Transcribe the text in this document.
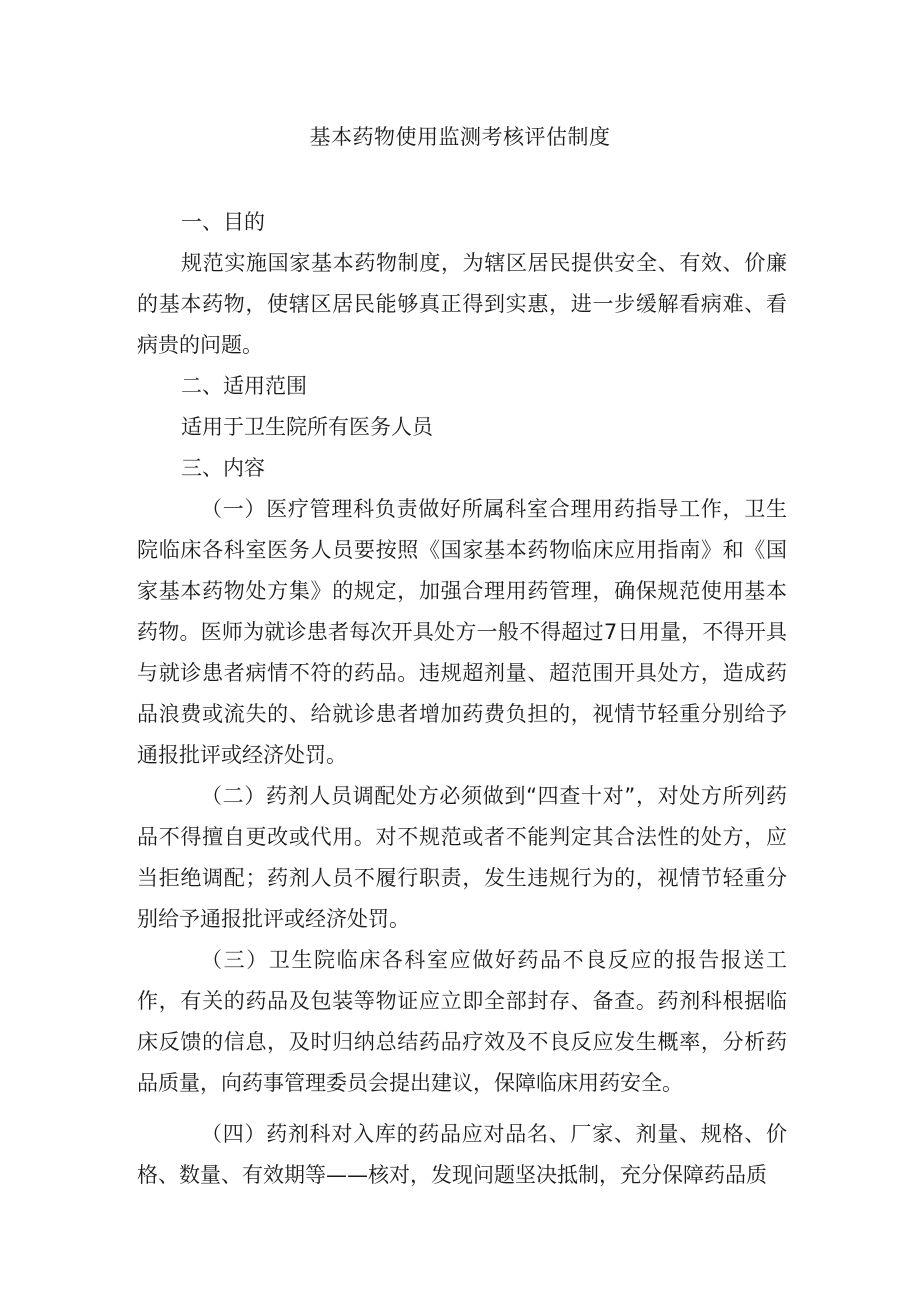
基本药物使用监测考核评估制度

一、目的

规范实施国家基本药物制度，为辖区居民提供安全、有效、价廉的基本药物，使辖区居民能够真正得到实惠，进一步缓解看病难、看病贵的问题。

二、适用范围

适用于卫生院所有医务人员

三、内容

（一）医疗管理科负责做好所属科室合理用药指导工作，卫生院临床各科室医务人员要按照《国家基本药物临床应用指南》和《国家基本药物处方集》的规定，加强合理用药管理，确保规范使用基本药物。医师为就诊患者每次开具处方一般不得超过7日用量，不得开具与就诊患者病情不符的药品。违规超剂量、超范围开具处方，造成药品浪费或流失的、给就诊患者增加药费负担的，视情节轻重分别给予通报批评或经济处罚。

（二）药剂人员调配处方必须做到“四查十对”，对处方所列药品不得擅自更改或代用。对不规范或者不能判定其合法性的处方，应当拒绝调配；药剂人员不履行职责，发生违规行为的，视情节轻重分别给予通报批评或经济处罚。

（三）卫生院临床各科室应做好药品不良反应的报告报送工作，有关的药品及包装等物证应立即全部封存、备查。药剂科根据临床反馈的信息，及时归纳总结药品疗效及不良反应发生概率，分析药品质量，向药事管理委员会提出建议，保障临床用药安全。

（四）药剂科对入库的药品应对品名、厂家、剂量、规格、价格、数量、有效期等——核对，发现问题坚决抵制，充分保障药品质
